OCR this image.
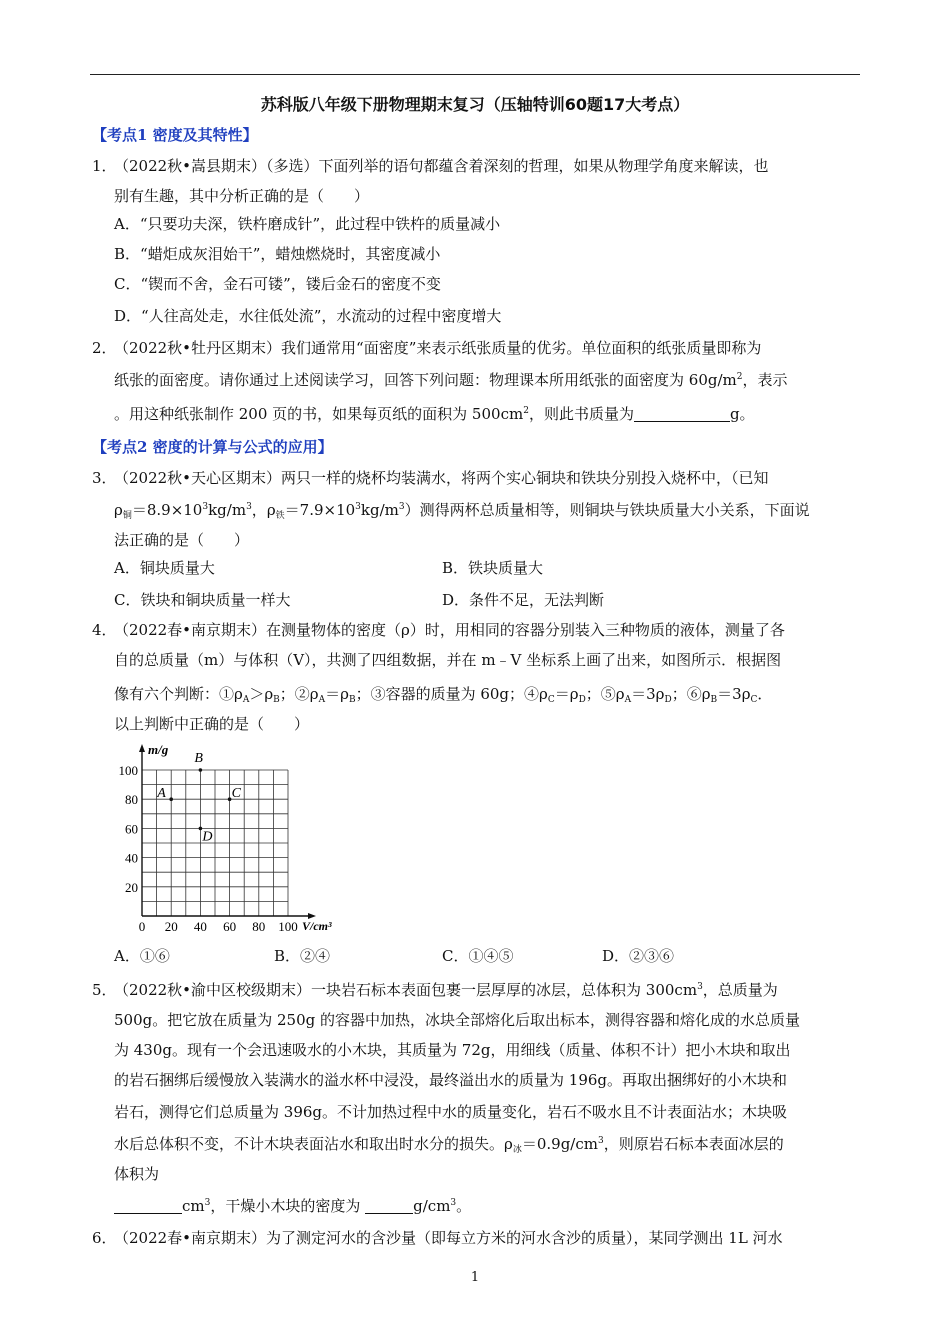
苏科版八年级下册物理期末复习（压轴特训60题17大考点）
【考点1 密度及其特性】
1．
（2022秋•嵩县期末）（多选）下面列举的语句都蕴含着深刻的哲理，如果从物理学角度来解读，也
别有生趣，其中分析正确的是（　　）
A．“只要功夫深，铁杵磨成针”，此过程中铁杵的质量减小
B．“蜡炬成灰泪始干”，蜡烛燃烧时，其密度减小
C．“锲而不舍，金石可镂”，镂后金石的密度不变
D．“人往高处走，水往低处流”，水流动的过程中密度增大
2．
（2022秋•牡丹区期末）我们通常用“面密度”来表示纸张质量的优劣。单位面积的纸张质量即称为
纸张的面密度。请你通过上述阅读学习，回答下列问题：物理课本所用纸张的面密度为 $60g/m^2$，表示
。用这种纸张制作 200 页的书，如果每页纸的面积为 $500cm^2$，则此书质量为	g。
【考点2 密度的计算与公式的应用】
3．
（2022秋•天心区期末）两只一样的烧杯均装满水，将两个实心铜块和铁块分别投入烧杯中，（已知
$\rho_铜=8.9\times 10^3kg/m^3$，$\rho_铁=7.9\times 10^3kg/m^3$）测得两杯总质量相等，则铜块与铁块质量大小关系，下面说
法正确的是（　　）
A．铜块质量大	B．铁块质量大
C．铁块和铜块质量一样大	D．条件不足，无法判断
4．
（2022春•南京期末）在测量物体的密度（ρ）时，用相同的容器分别装入三种物质的液体，测量了各
自的总质量（m）与体积（V），共测了四组数据，并在 m﹣V 坐标系上画了出来，如图所示．根据图
像有六个判断：$①\rho_A>\rho_B$；$②\rho_A=\rho_B$；③容器的质量为 60g；$④\rho_C=\rho_D$；$⑤\rho_A=3\rho_D$；$⑥\rho_B=3\rho_C$．
以上判断中正确的是（　　）
0 20 40 60 80 100
20
40
60
80
100
m/g
V/cm³
A
B
C
D
A．①⑥	B．②④	C．①④⑤	D．②③⑥
5．
（2022秋•渝中区校级期末）一块岩石标本表面包裹一层厚厚的冰层，总体积为 $300cm^3$，总质量为
500g。把它放在质量为 250g 的容器中加热，冰块全部熔化后取出标本，测得容器和熔化成的水总质量
为 430g。现有一个会迅速吸水的小木块，其质量为 72g，用细线（质量、体积不计）把小木块和取出
的岩石捆绑后缓慢放入装满水的溢水杯中浸没，最终溢出水的质量为 196g。再取出捆绑好的小木块和
岩石，测得它们总质量为 396g。不计加热过程中水的质量变化，岩石不吸水且不计表面沾水；木块吸
水后总体积不变，不计木块表面沾水和取出时水分的损失。$\rho_冰=0.9g/cm^3$，则原岩石标本表面冰层的
体积为
$cm^3$，干燥小木块的密度为	$g/cm^3$。
6．
（2022春•南京期末）为了测定河水的含沙量（即每立方米的河水含沙的质量），某同学测出 1L 河水
1
